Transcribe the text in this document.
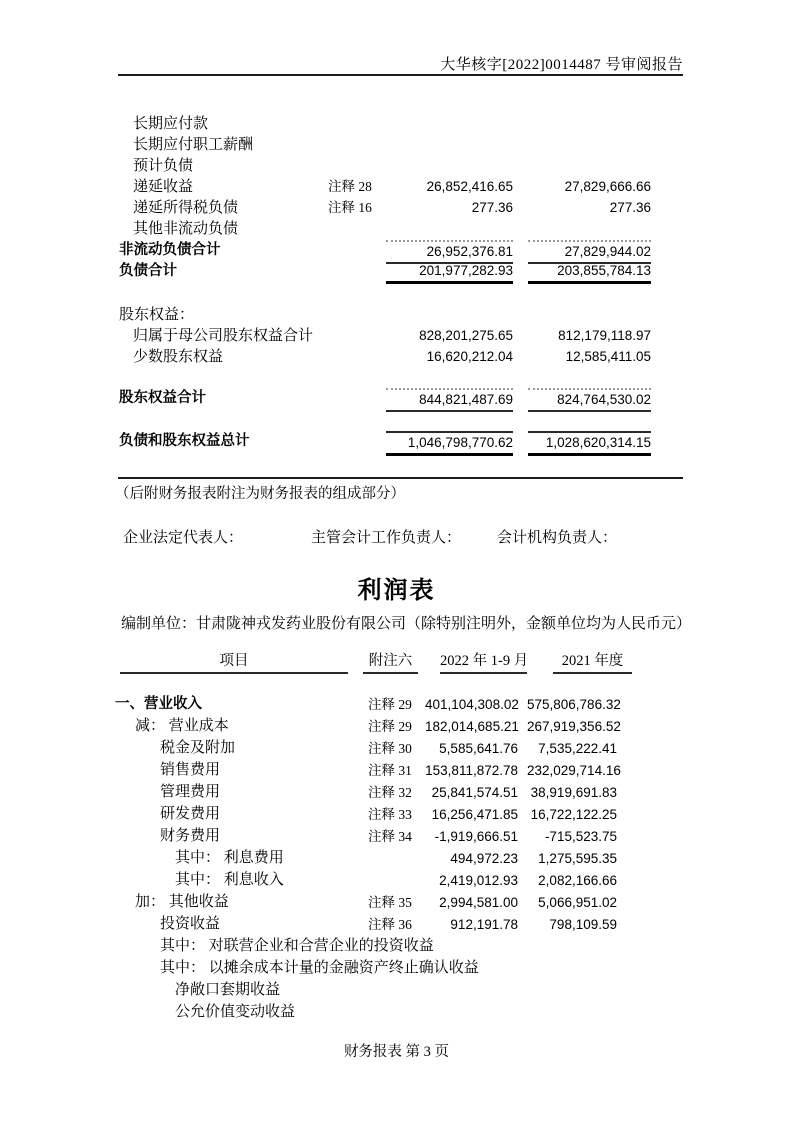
大华核字[2022]0014487 号审阅报告
长期应付款
长期应付职工薪酬
预计负债
递延收益	注释 28	26,852,416.65	27,829,666.66
递延所得税负债	注释 16	277.36	277.36
其他非流动负债
非流动负债合计	26,952,376.81	27,829,944.02
负债合计	201,977,282.93	203,855,784.13
股东权益：
归属于母公司股东权益合计	828,201,275.65	812,179,118.97
少数股东权益	16,620,212.04	12,585,411.05
股东权益合计	844,821,487.69	824,764,530.02
负债和股东权益总计	1,046,798,770.62	1,028,620,314.15
（后附财务报表附注为财务报表的组成部分）
企业法定代表人：	主管会计工作负责人： 会计机构负责人：
利润表
编制单位：甘肃陇神戎发药业股份有限公司 （除特别注明外，金额单位均为人民币元）
项目	附注六	2022 年 1-9 月	2021 年度
一、营业收入	注释 29 401,104,308.02 575,806,786.32
减： 营业成本	注释 29 182,014,685.21 267,919,356.52
税金及附加	注释 30	5,585,641.76	7,535,222.41
销售费用	注释 31 153,811,872.78 232,029,714.16
管理费用	注释 32	25,841,574.51 38,919,691.83
研发费用	注释 33	16,256,471.85 16,722,122.25
财务费用	注释 34	-1,919,666.51	-715,523.75
其中： 利息费用	494,972.23	1,275,595.35
其中： 利息收入	2,419,012.93	2,082,166.66
加： 其他收益	注释 35	2,994,581.00	5,066,951.02
投资收益	注释 36	912,191.78	798,109.59
其中： 对联营企业和合营企业的投资收益
其中： 以摊余成本计量的金融资产终止确认收益
净敞口套期收益
公允价值变动收益
财务报表 第 3 页
